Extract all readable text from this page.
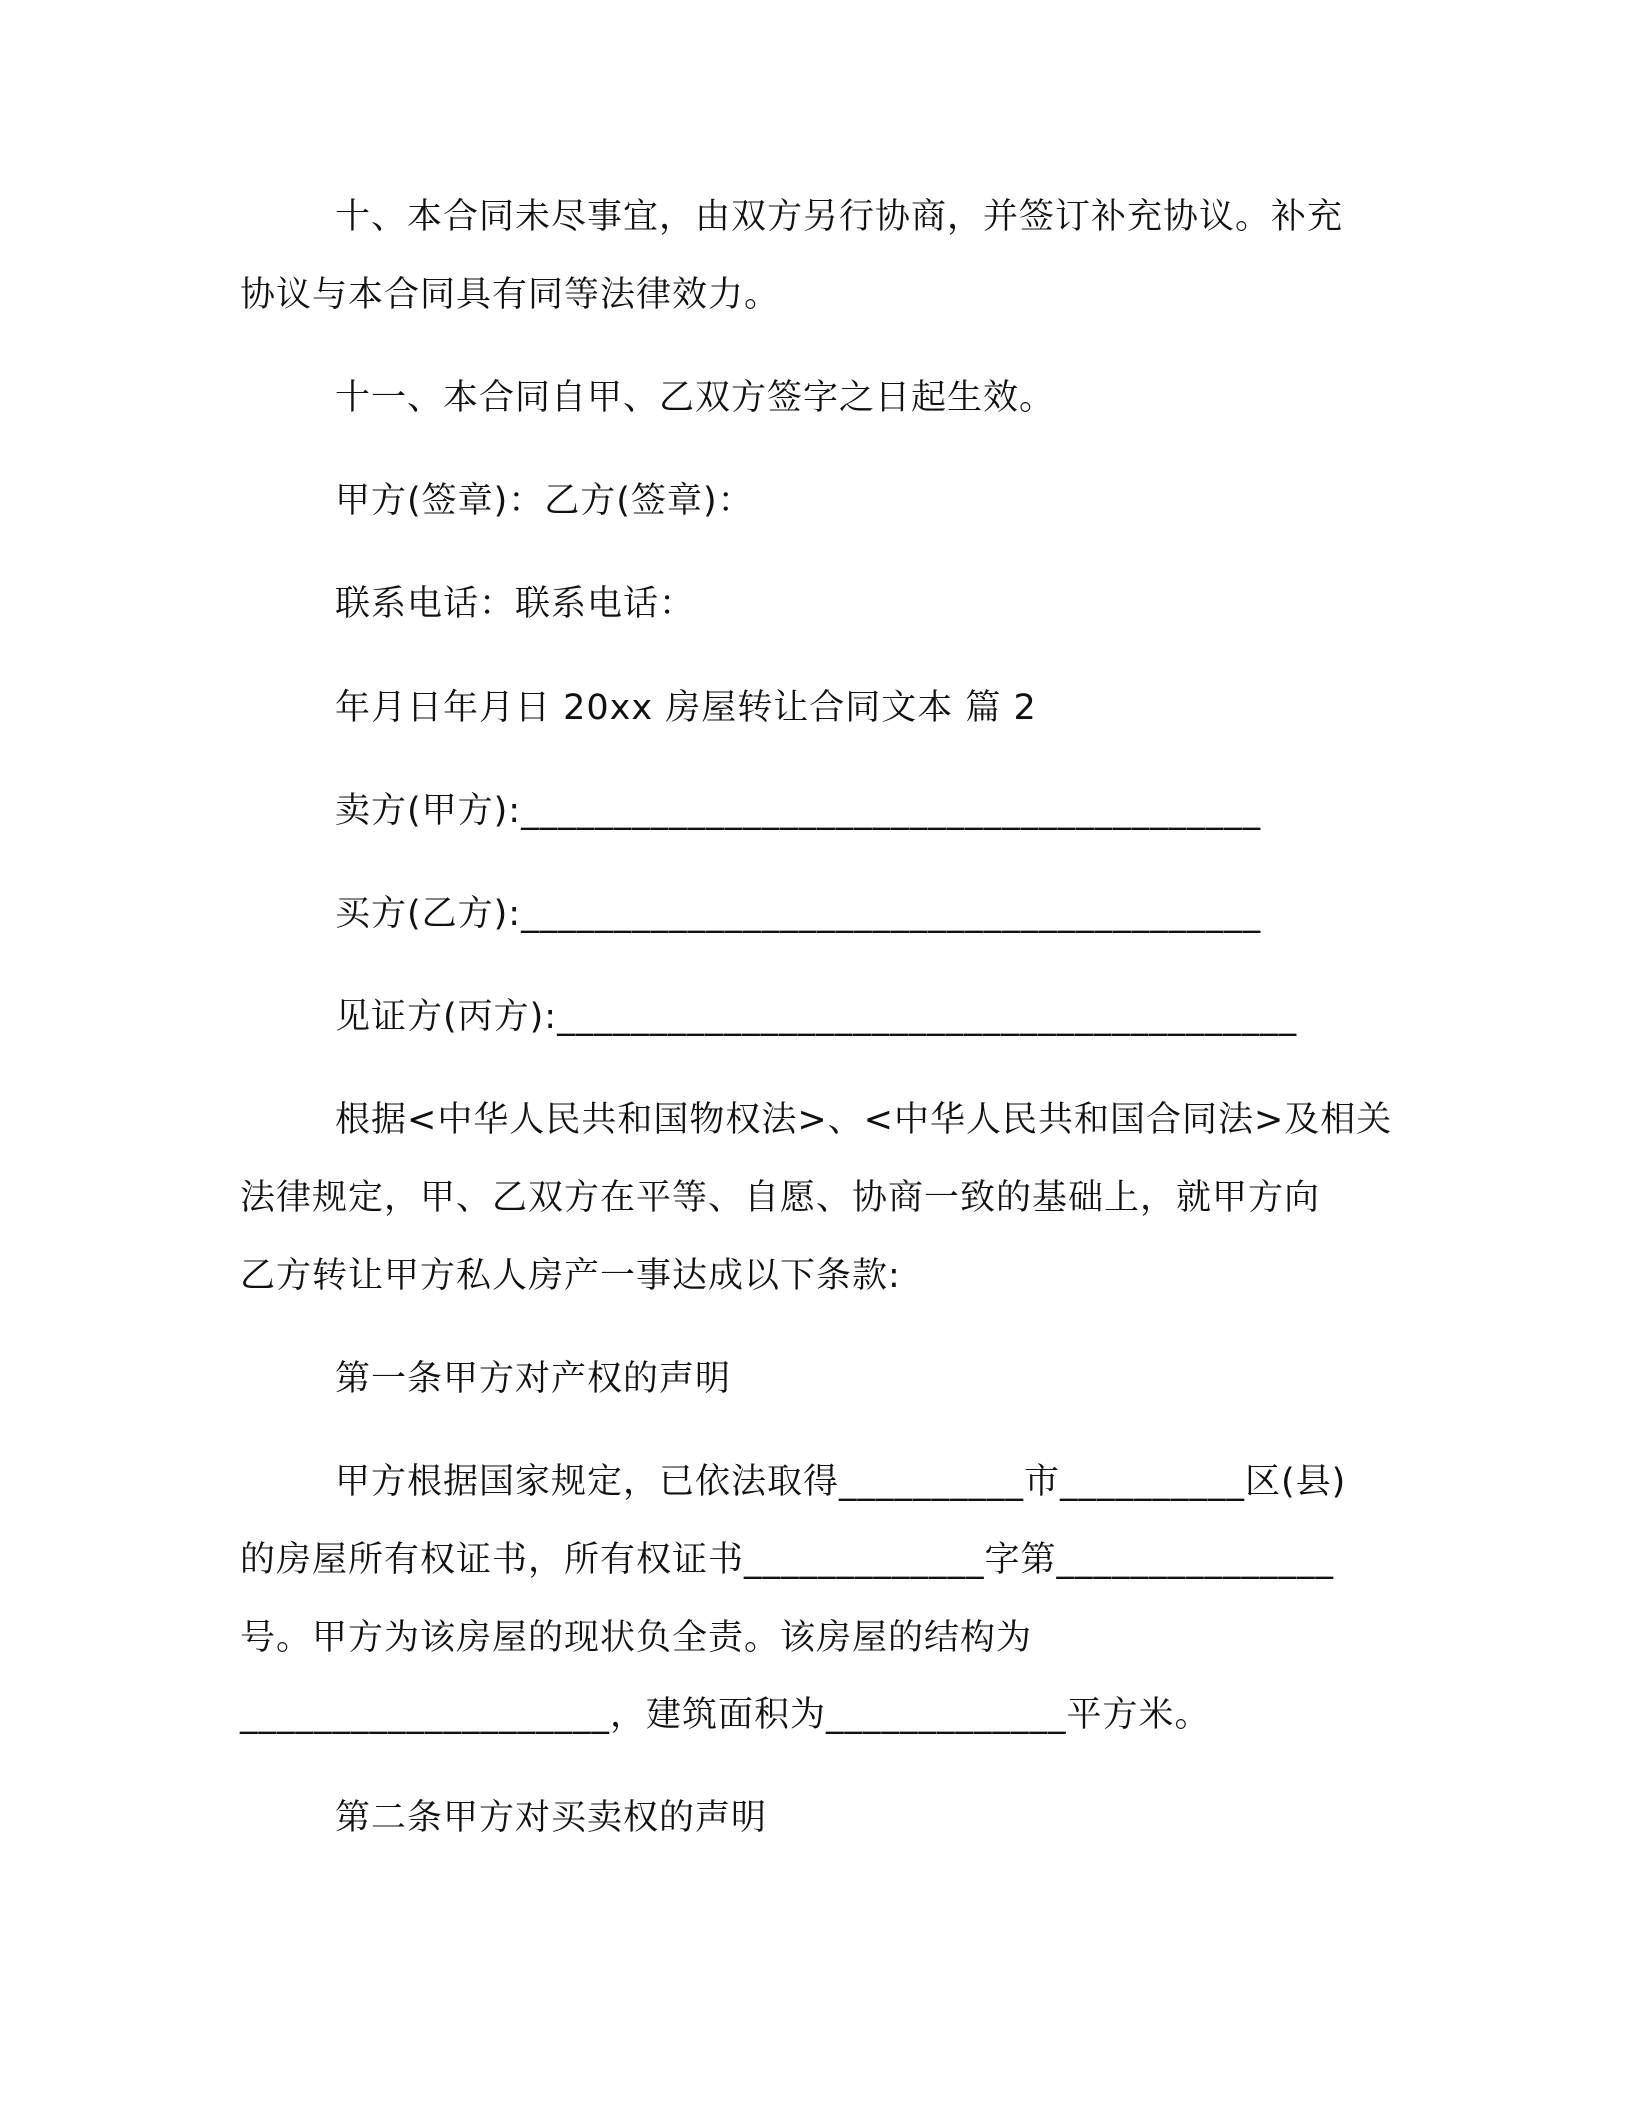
十、本合同未尽事宜，由双方另行协商，并签订补充协议。补充
协议与本合同具有同等法律效力。
十一、本合同自甲、乙双方签字之日起生效。
甲方(签章)：乙方(签章)：
联系电话：联系电话：
年月日年月日 20xx 房屋转让合同文本 篇 2
卖方(甲方):________________________________________
买方(乙方):________________________________________
见证方(丙方):________________________________________
根据<中华人民共和国物权法>、<中华人民共和国合同法>及相关
法律规定，甲、乙双方在平等、自愿、协商一致的基础上，就甲方向
乙方转让甲方私人房产一事达成以下条款:
第一条甲方对产权的声明
甲方根据国家规定，已依法取得__________市__________区(县)
的房屋所有权证书，所有权证书_____________字第_______________
号。甲方为该房屋的现状负全责。该房屋的结构为
____________________，建筑面积为_____________平方米。
第二条甲方对买卖权的声明
